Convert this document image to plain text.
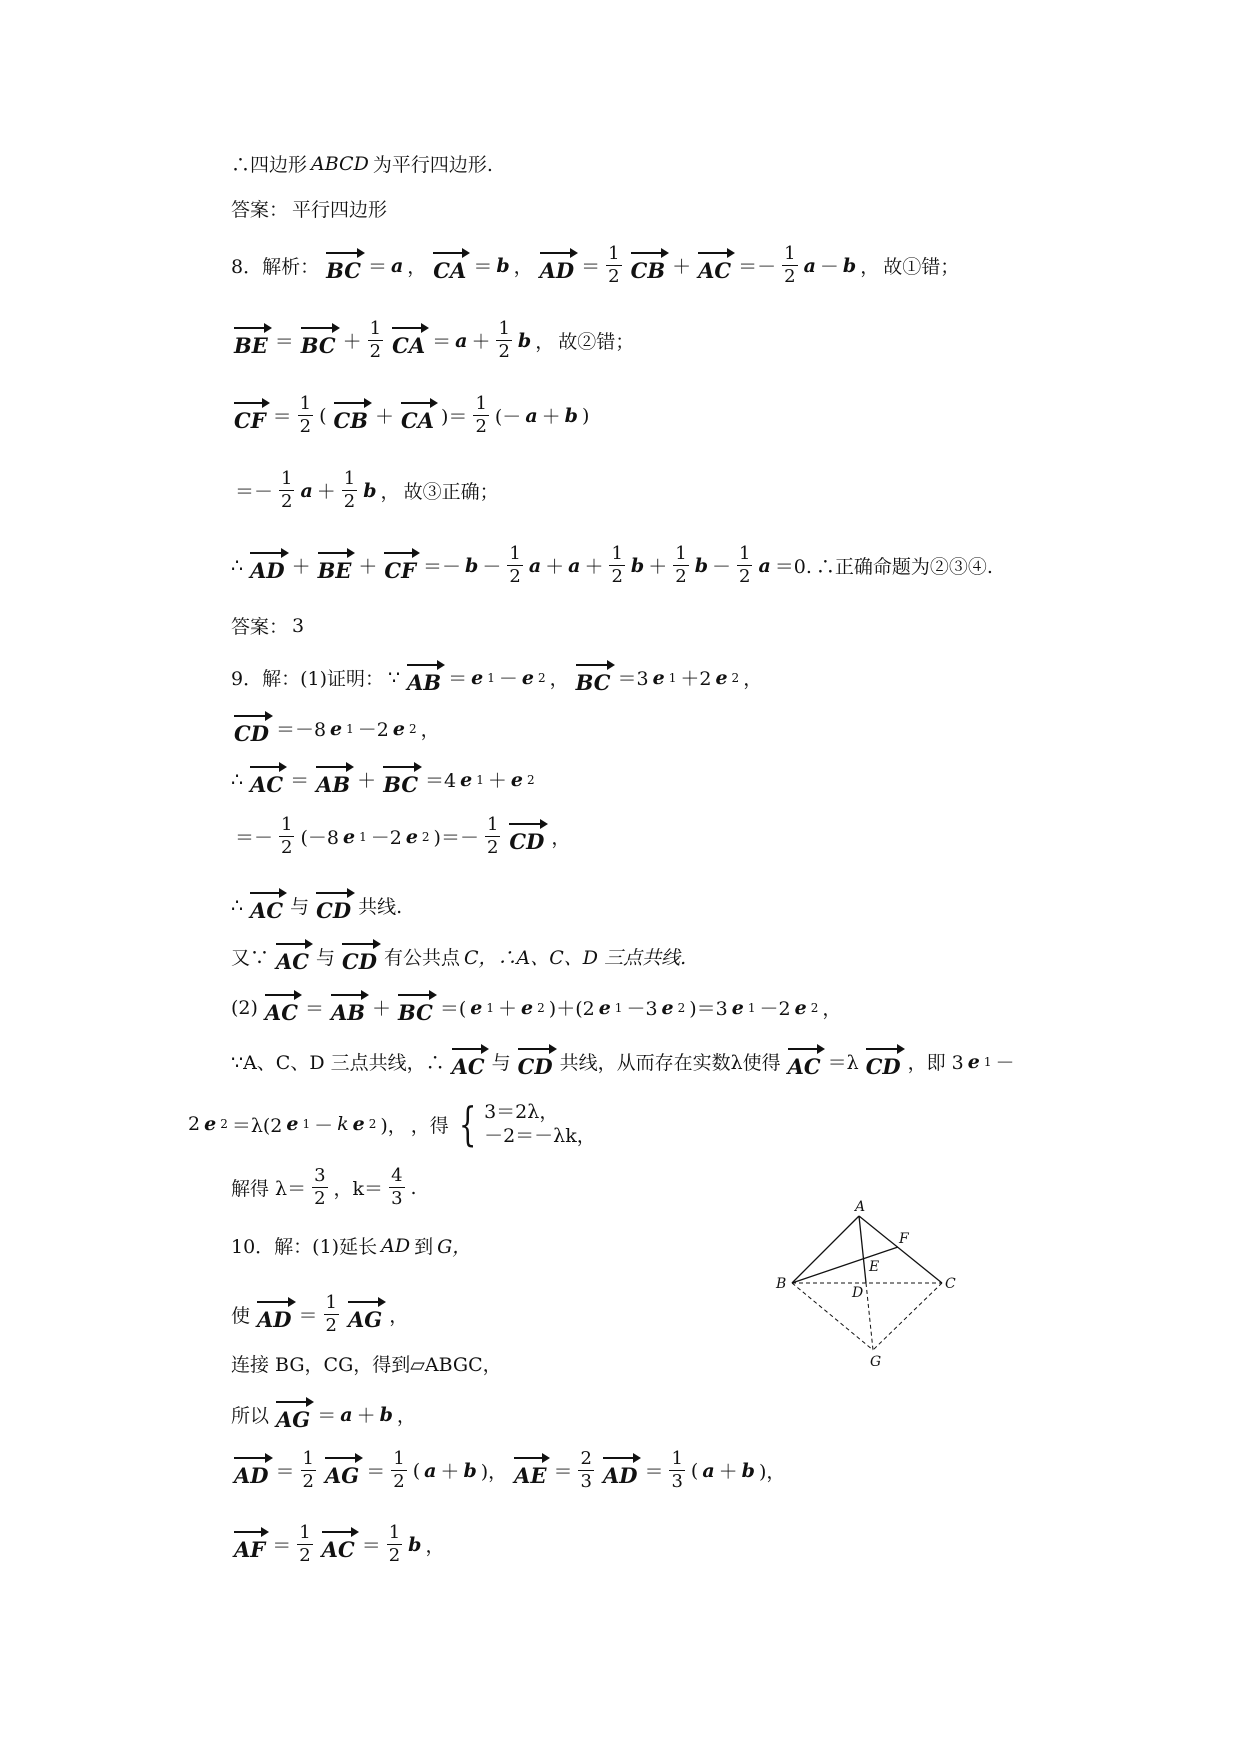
∴四边形 ABCD 为平行四边形.
答案： 平行四边形
8．解析： BC ＝ a ， CA ＝ b ， AD ＝ $\frac{1}{2}$ CB ＋ AC ＝－ $\frac{1}{2}$ a － b ， 故①错；
BE ＝ BC ＋ $\frac{1}{2}$ CA ＝ $a + \frac{1}{2}$ b ， 故②错；
CF ＝ $\frac{1}{2}$ ( CB ＋ CA )＝ $\frac{1}{2}$ (－ a ＋ b )
＝－ $\frac{1}{2}$ $a + \frac{1}{2}$ b ， 故③正确；
∴ AD ＋ BE ＋ CF ＝－ $b - \frac{1}{2}$ $a + a + \frac{1}{2}$ $b + \frac{1}{2}$ $b - \frac{1}{2}$ a ＝0. ∴正确命题为②③④.
答案： 3
9．解：(1)证明： ∵ AB ＝ e 1 － e 2 ， BC ＝3 e 1 ＋2 e 2 ，
CD ＝－8 e 1 －2 e 2 ，
∴ AC ＝ AB ＋ BC ＝4 e 1 ＋ e 2
＝－ $\frac{1}{2} (-8$ e 1 －2 e 2 )＝－ $\frac{1}{2}$ CD ，
∴ AC 与 CD 共线.
又∵ AC 与 CD 有公共点 C，∴A、C、D 三点共线.
(2) AC ＝ AB ＋ BC ＝( e 1 ＋ e 2 )＋(2 e 1 －3 e 2 )＝3 e 1 －2 e 2 ，
∵A、C、D 三点共线，∴ AC 与 CD 共线，从而存在实数λ使得 AC ＝λ CD ，即 3 e 1 －
2 e 2 ＝λ(2 e 1 － k e 2 )， ，得 { 3＝2λ，
－2＝－λk，
解得 $\lambda= \frac{3}{2}$ ，$k= \frac{4}{3}$ .
10．解：(1)延长 AD 到 G，
使 AD ＝ $\frac{1}{2}$ AG ，
连接 BG，CG，得到▱ABGC，
所以 AG ＝ a ＋ b ，
AD ＝ $\frac{1}{2}$ AG ＝ $\frac{1}{2}$ ( a ＋ b )， AE ＝ $\frac{2}{3}$ AD ＝ $\frac{1}{3}$ ( a ＋ b )，
AF ＝ $\frac{1}{2}$ AC ＝ $\frac{1}{2}$ b ，
A
B	C
D
E
F
G
